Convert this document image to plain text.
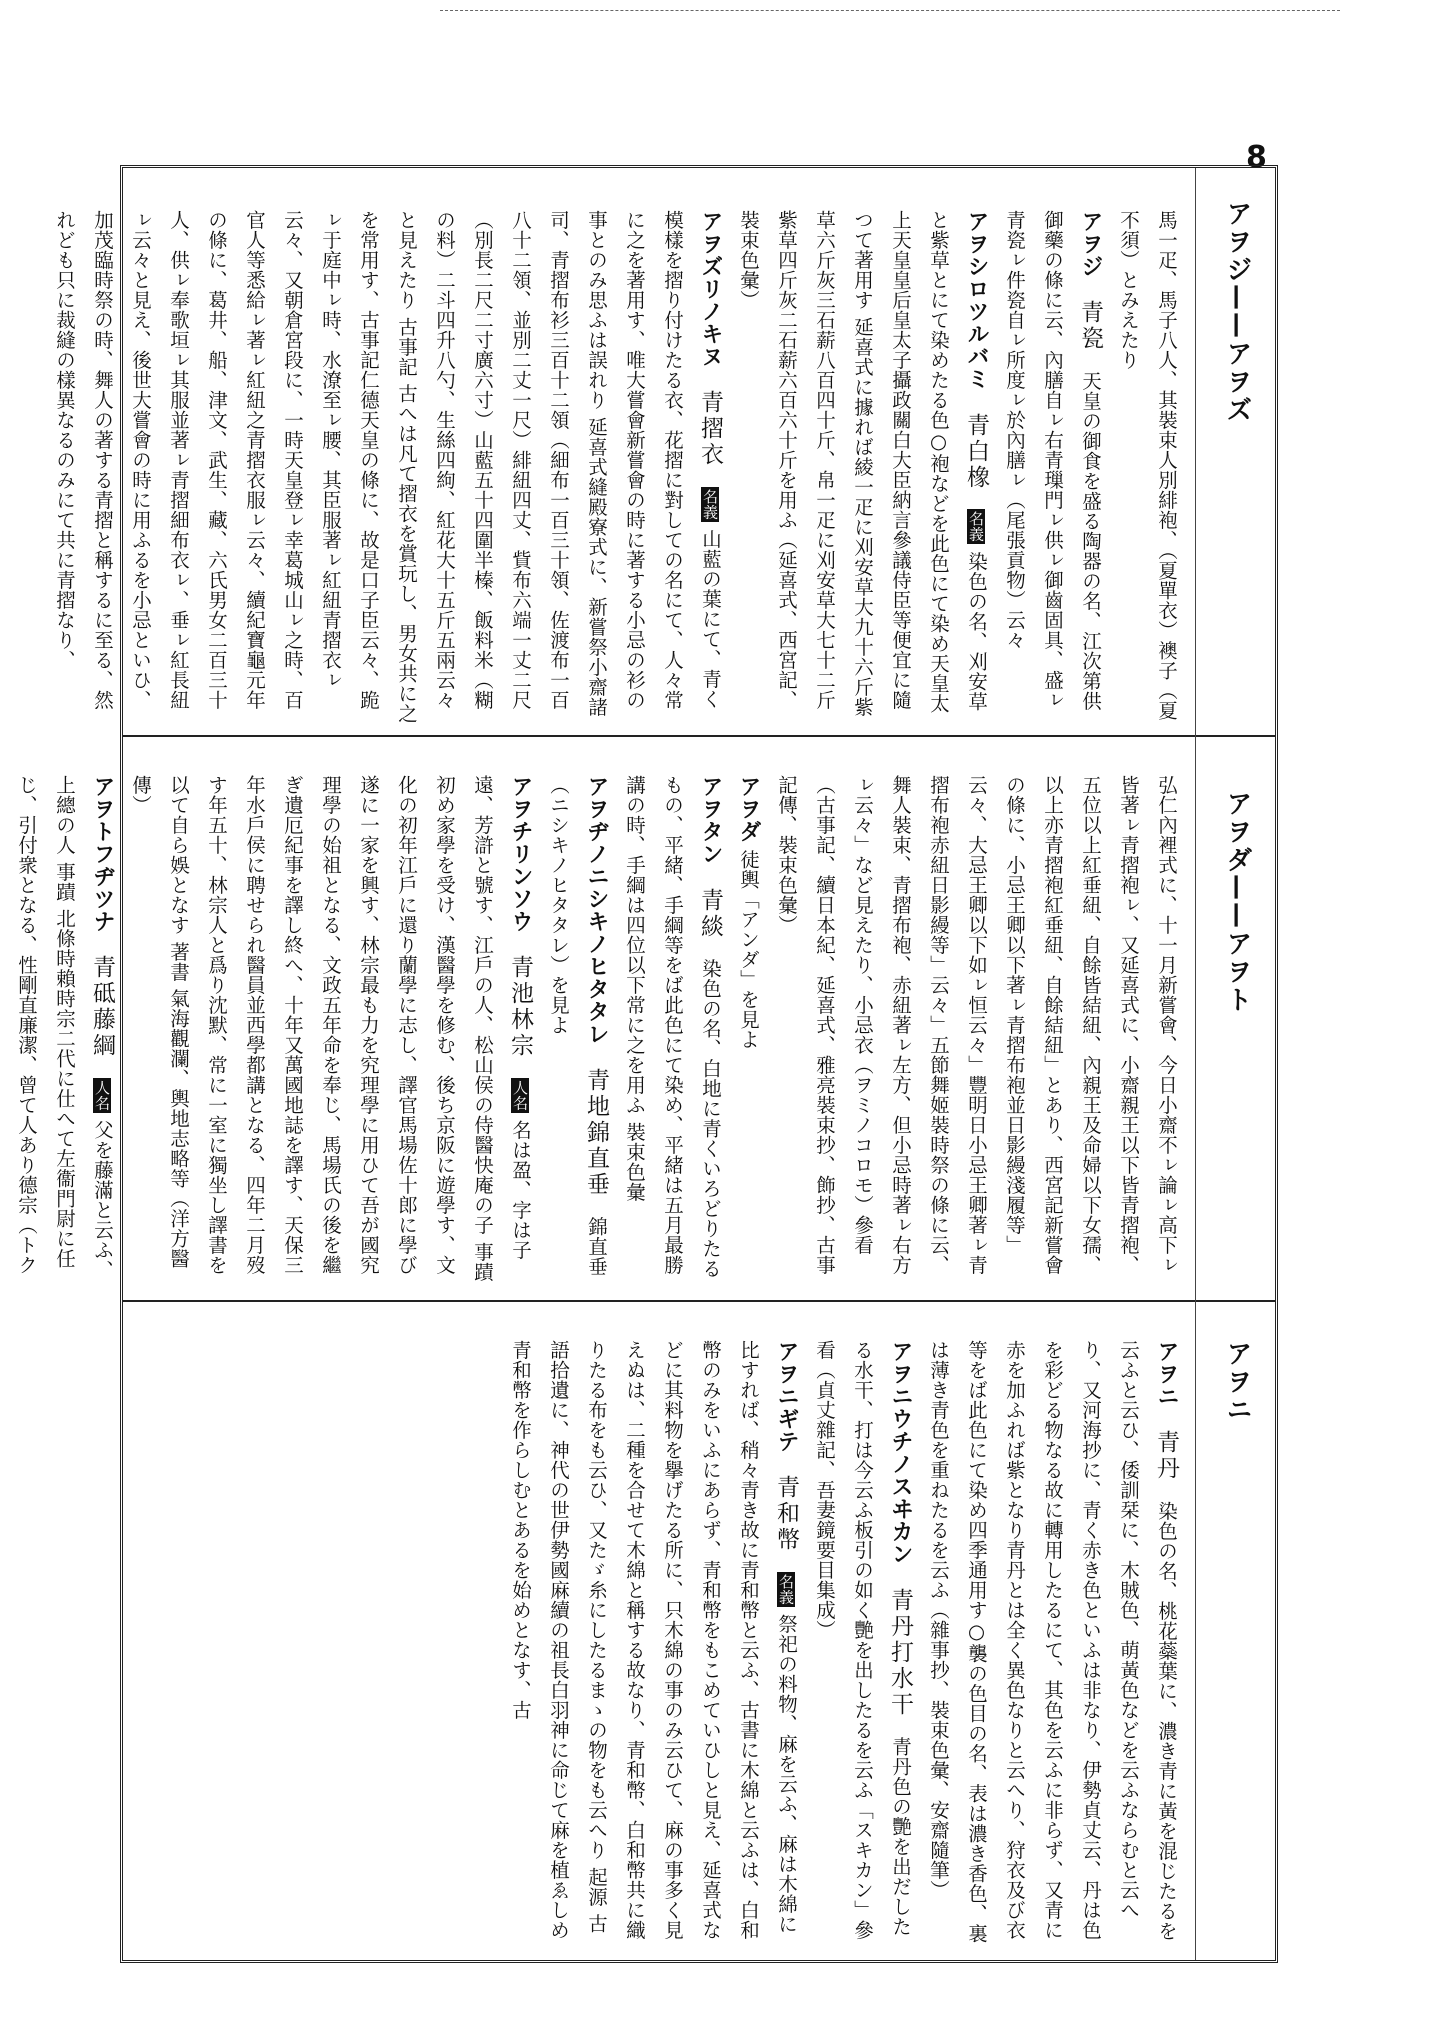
8
アヲジ——アヲズ
アヲダ——アヲト
アヲニ
馬一疋、馬子八人、其裝束人別緋袍、（夏單衣）襖子（夏不須）とみえたり
アヲジ 青瓷 天皇の御食を盛る陶器の名、江次第供御藥の條に云、內膳自ㇾ右青璅門ㇾ供ㇾ御齒固具、盛ㇾ青瓷ㇾ件瓷自ㇾ所度ㇾ於內膳ㇾ（尾張貢物）云々
アヲシロツルバミ 青白橡 名義 染色の名、刈安草と紫草とにて染めたる色○袍などを此色にて染め天皇太上天皇皇后皇太子攝政關白大臣納言參議侍臣等便宜に隨つて著用す 延喜式に據れば綾一疋に刈安草大九十六斤紫草六斤灰三石薪八百四十斤、帛一疋に刈安草大七十二斤紫草四斤灰二石薪六百六十斤を用ふ（延喜式、西宮記、裝束色彙）
アヲズリノキヌ 青摺衣 名義 山藍の葉にて、青く模樣を摺り付けたる衣、花摺に對しての名にて、人々常に之を著用す、唯大嘗會新嘗會の時に著する小忌の衫の事とのみ思ふは誤れり 延喜式縫殿寮式に、新嘗祭小齋諸司、青摺布衫三百十二領（細布一百三十領、佐渡布一百八十二領、並別二丈一尺）緋紐四丈、貲布六端一丈二尺（別長二尺二寸廣六寸）山藍五十四圍半榛、飯料米（糊の料）二斗四升八勺、生絲四絇、紅花大十五斤五兩云々と見えたり 古事記 古へは凡て摺衣を賞玩し、男女共に之を常用す、古事記仁德天皇の條に、故是口子臣云々、跪ㇾ于庭中ㇾ時、水潦至ㇾ腰、其臣服著ㇾ紅紐青摺衣ㇾ云々、又朝倉宮段に、一時天皇登ㇾ幸葛城山ㇾ之時、百官人等悉給ㇾ著ㇾ紅紐之青摺衣服ㇾ云々、續紀寶龜元年の條に、葛井、船、津文、武生、藏、六氏男女二百三十人、供ㇾ奉歌垣ㇾ其服並著ㇾ青摺細布衣ㇾ、垂ㇾ紅長紐ㇾ云々と見え、後世大嘗會の時に用ふるを小忌といひ、加茂臨時祭の時、舞人の著する青摺と稱するに至る、然れども只に裁縫の樣異なるのみにて共に青摺なり、
弘仁內裡式に、十一月新嘗會、今日小齋不ㇾ論ㇾ高下ㇾ皆著ㇾ青摺袍ㇾ、又延喜式に、小齋親王以下皆青摺袍、五位以上紅垂紐、自餘皆結紐、內親王及命婦以下女孺、以上亦青摺袍紅垂紐、自餘結紐」とあり、西宮記新嘗會の條に、小忌王卿以下著ㇾ青摺布袍並日影縵淺履等」云々、大忌王卿以下如ㇾ恒云々」豐明日小忌王卿著ㇾ青摺布袍赤紐日影縵等」云々」五節舞姬裝時祭の條に云、舞人裝束、青摺布袍、赤紐著ㇾ左方、但小忌時著ㇾ右方ㇾ云々」など見えたり、小忌衣（ヲミノコロモ）參看（古事記、續日本紀、延喜式、雅亮裝束抄、飾抄、古事記傳、裝束色彙）
アヲダ 徒輿「アンダ」を見よ
アヲタン 青緂 染色の名、白地に青くいろどりたるもの、平緒、手綱等をば此色にて染め、平緒は五月最勝講の時、手綱は四位以下常に之を用ふ 裝束色彙
アヲヂノニシキノヒタタレ 青地錦直垂 錦直垂（ニシキノヒタタレ）を見よ
アヲチリンソウ 青池林宗 人名 名は盈、字は子遠、芳滸と號す、江戶の人、松山侯の侍醫快庵の子 事蹟 初め家學を受け、漢醫學を修む、後ち京阪に遊學す、文化の初年江戶に還り蘭學に志し、譯官馬場佐十郎に學び遂に一家を興す、林宗最も力を究理學に用ひて吾が國究理學の始祖となる、文政五年命を奉じ、馬場氏の後を繼ぎ遺厄紀事を譯し終へ、十年又萬國地誌を譯す、天保三年水戶侯に聘せられ醫員並西學都講となる、四年二月歿す年五十、林宗人と爲り沈默、常に一室に獨坐し譯書を以て自ら娛となす 著書 氣海觀瀾、輿地志略等（洋方醫傳）
アヲトフヂツナ 青砥藤綱 人名 父を藤滿と云ふ、上總の人 事蹟 北條時賴時宗二代に仕へて左衞門尉に任じ、引付衆となる、性剛直廉潔、曾て人あり德宗（トク
アヲニ 青丹 染色の名、桃花蘂葉に、濃き青に黃を混じたるを云ふと云ひ、倭訓栞に、木賊色、萌黃色などを云ふならむと云へり、又河海抄に、青く赤き色といふは非なり、伊勢貞丈云、丹は色を彩どる物なる故に轉用したるにて、其色を云ふに非らず、又青に赤を加ふれば紫となり青丹とは全く異色なりと云へり、狩衣及び衣等をば此色にて染め四季通用す○襲の色目の名、表は濃き香色、裏は薄き青色を重ねたるを云ふ（雜事抄、裝束色彙、安齋隨筆）
アヲニウチノスヰカン 青丹打水干 青丹色の艷を出だしたる水干、打は今云ふ板引の如く艷を出したるを云ふ「スキカン」參看（貞丈雜記、吾妻鏡要目集成）
アヲニギテ 青和幣 名義 祭祀の料物、麻を云ふ、麻は木綿に比すれば、稍々青き故に青和幣と云ふ、古書に木綿と云ふは、白和幣のみをいふにあらず、青和幣をもこめていひしと見え、延喜式などに其料物を擧げたる所に、只木綿の事のみ云ひて、麻の事多く見えぬは、二種を合せて木綿と稱する故なり、青和幣、白和幣共に織りたる布をも云ひ、又たゞ糸にしたるまゝの物をも云へり 起源 古語拾遺に、神代の世伊勢國麻續の祖長白羽神に命じて麻を植ゑしめ青和幣を作らしむとあるを始めとなす、古
